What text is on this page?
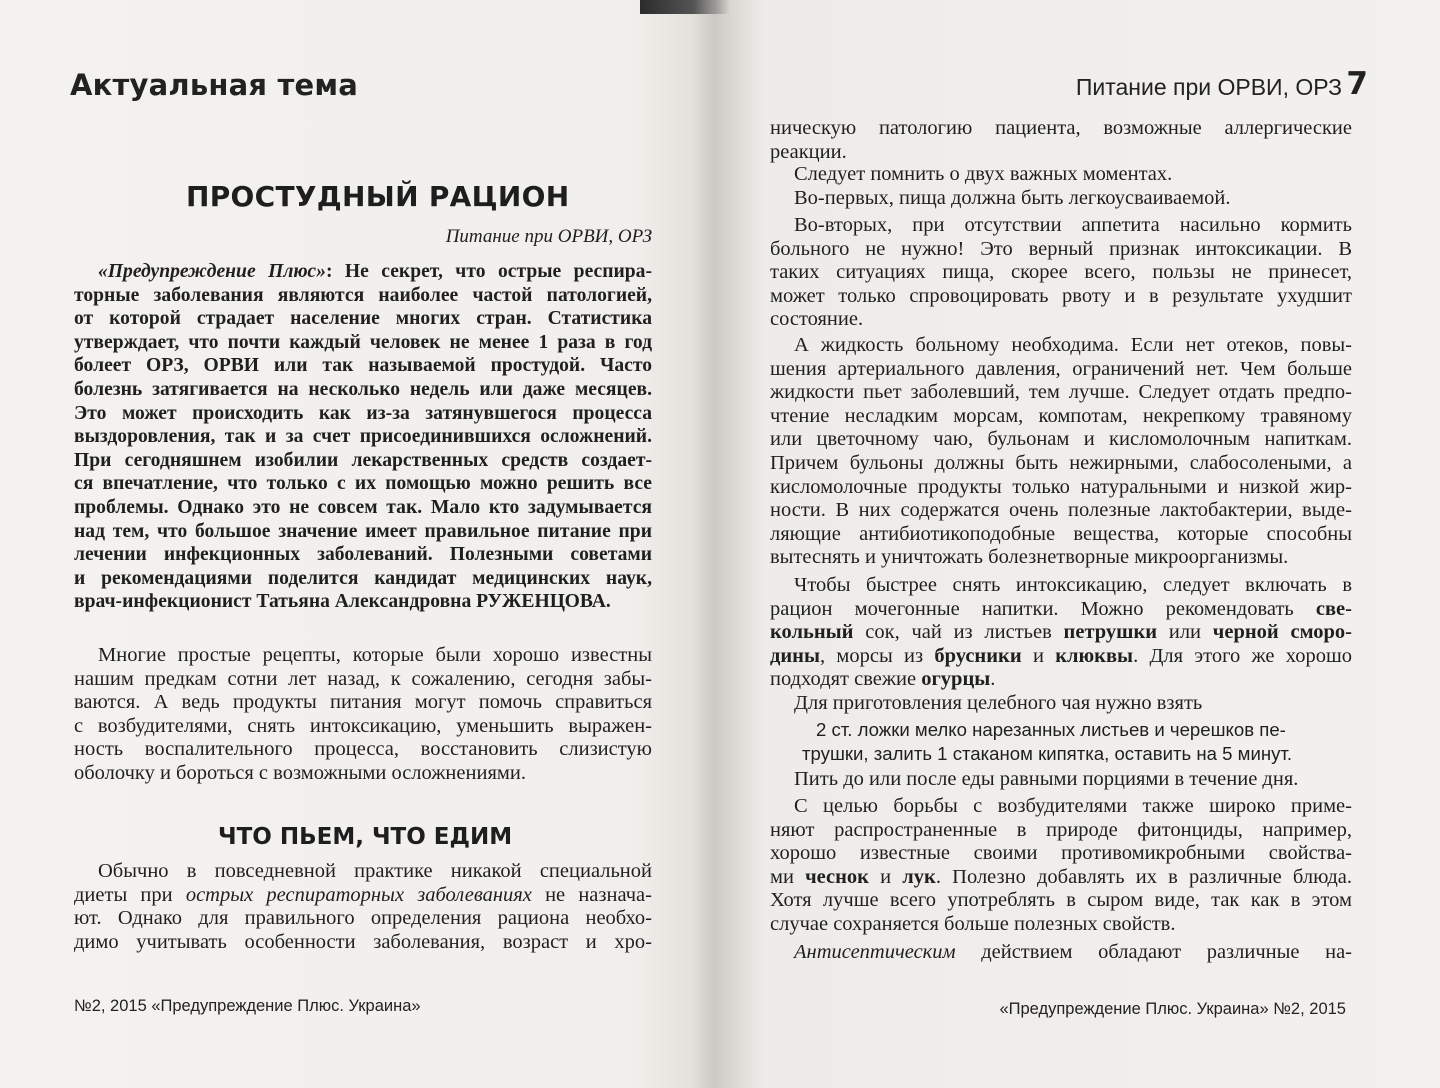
Актуальная тема
ПРОСТУДНЫЙ РАЦИОН
Питание при ОРВИ, ОРЗ

«Предупреждение Плюс»: Не секрет, что острые респира-

торные заболевания являются наиболее частой патологией,

от которой страдает население многих стран. Статистика

утверждает, что почти каждый человек не менее 1 раза в год

болеет ОРЗ, ОРВИ или так называемой простудой. Часто

болезнь затягивается на несколько недель или даже месяцев.

Это может происходить как из-за затянувшегося процесса

выздоровления, так и за счет присоединившихся осложнений.

При сегодняшнем изобилии лекарственных средств создает-

ся впечатление, что только с их помощью можно решить все

проблемы. Однако это не совсем так. Мало кто задумывается

над тем, что большое значение имеет правильное питание при

лечении инфекционных заболеваний. Полезными советами

и рекомендациями поделится кандидат медицинских наук,

врач-инфекционист Татьяна Александровна РУЖЕНЦОВА.

Многие простые рецепты, которые были хорошо известны

нашим предкам сотни лет назад, к сожалению, сегодня забы-

ваются. А ведь продукты питания могут помочь справиться

с возбудителями, снять интоксикацию, уменьшить выражен-

ность воспалительного процесса, восстановить слизистую

оболочку и бороться с возможными осложнениями.

ЧТО ПЬЕМ, ЧТО ЕДИМ

Обычно в повседневной практике никакой специальной

диеты при острых респираторных заболеваниях не назнача-

ют. Однако для правильного определения рациона необхо-

димо учитывать особенности заболевания, возраст и хро-

№2, 2015 «Предупреждение Плюс. Украина»
Питание при ОРВИ, ОРЗ 7

ническую патологию пациента, возможные аллергические

реакции.

Следует помнить о двух важных моментах.

Во-первых, пища должна быть легкоусваиваемой.

Во-вторых, при отсутствии аппетита насильно кормить

больного не нужно! Это верный признак интоксикации. В

таких ситуациях пища, скорее всего, пользы не принесет,

может только спровоцировать рвоту и в результате ухудшит

состояние.

А жидкость больному необходима. Если нет отеков, повы-

шения артериального давления, ограничений нет. Чем больше

жидкости пьет заболевший, тем лучше. Следует отдать предпо-

чтение несладким морсам, компотам, некрепкому травяному

или цветочному чаю, бульонам и кисломолочным напиткам.

Причем бульоны должны быть нежирными, слабосолеными, а

кисломолочные продукты только натуральными и низкой жир-

ности. В них содержатся очень полезные лактобактерии, выде-

ляющие антибиотикоподобные вещества, которые способны

вытеснять и уничтожать болезнетворные микроорганизмы.

Чтобы быстрее снять интоксикацию, следует включать в

рацион мочегонные напитки. Можно рекомендовать све-

кольный сок, чай из листьев петрушки или черной сморо-

дины, морсы из брусники и клюквы. Для этого же хорошо

подходят свежие огурцы.

Для приготовления целебного чая нужно взять

2 ст. ложки мелко нарезанных листьев и черешков пе-
трушки, залить 1 стаканом кипятка, оставить на 5 минут.

Пить до или после еды равными порциями в течение дня.

С целью борьбы с возбудителями также широко приме-

няют распространенные в природе фитонциды, например,

хорошо известные своими противомикробными свойства-

ми чеснок и лук. Полезно добавлять их в различные блюда.

Хотя лучше всего употреблять в сыром виде, так как в этом

случае сохраняется больше полезных свойств.

Антисептическим действием обладают различные на-

«Предупреждение Плюс. Украина» №2, 2015
